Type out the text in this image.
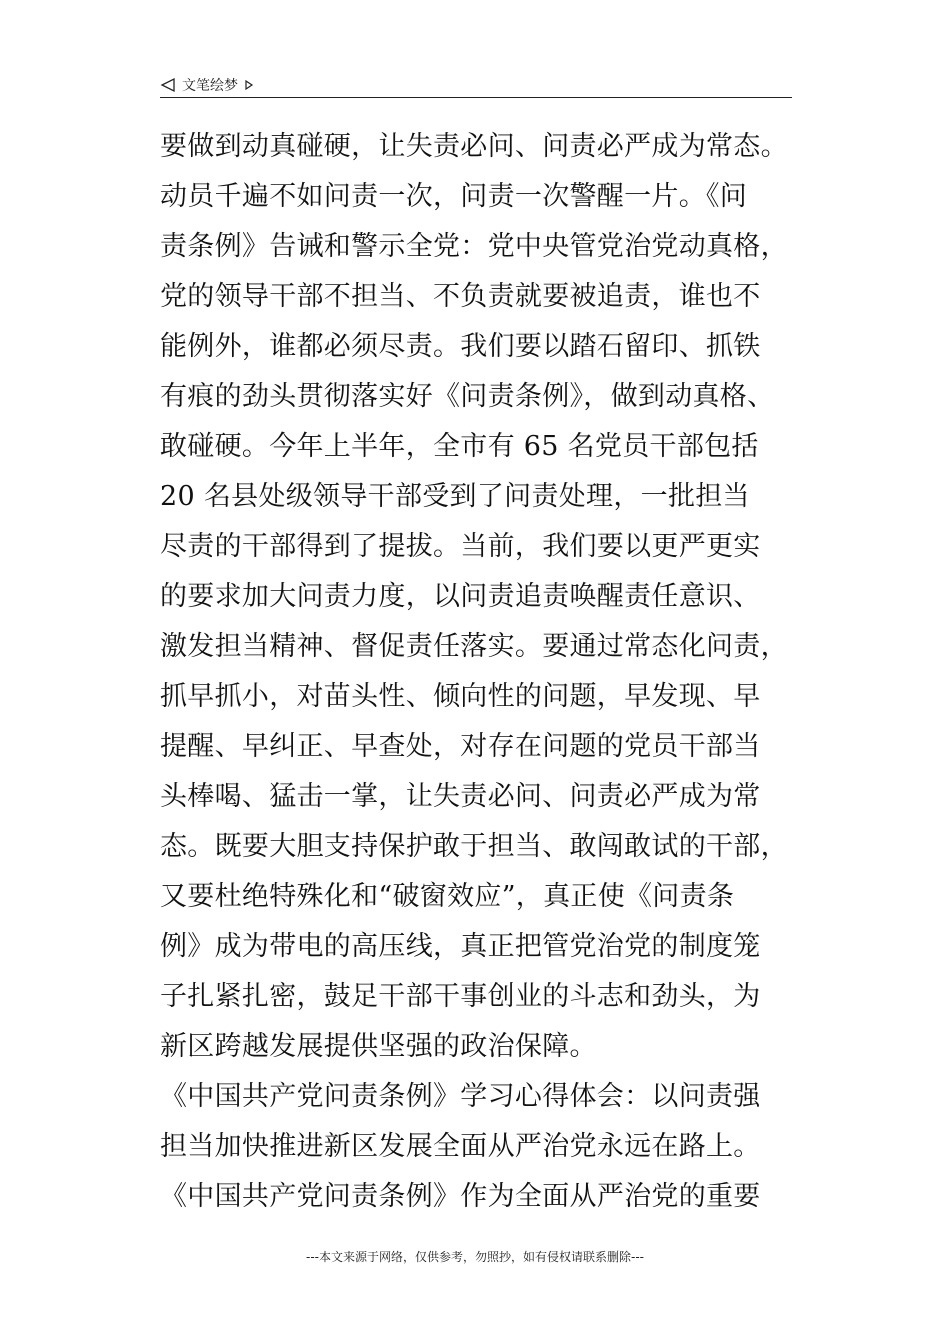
文笔绘梦
要做到动真碰硬，让失责必问、问责必严成为常态。
动员千遍不如问责一次，问责一次警醒一片。《问
责条例》告诫和警示全党：党中央管党治党动真格，
党的领导干部不担当、不负责就要被追责，谁也不
能例外，谁都必须尽责。我们要以踏石留印、抓铁
有痕的劲头贯彻落实好《问责条例》，做到动真格、
敢碰硬。今年上半年，全市有 65 名党员干部包括
20 名县处级领导干部受到了问责处理，一批担当
尽责的干部得到了提拔。当前，我们要以更严更实
的要求加大问责力度，以问责追责唤醒责任意识、
激发担当精神、督促责任落实。要通过常态化问责，
抓早抓小，对苗头性、倾向性的问题，早发现、早
提醒、早纠正、早查处，对存在问题的党员干部当
头棒喝、猛击一掌，让失责必问、问责必严成为常
态。既要大胆支持保护敢于担当、敢闯敢试的干部，
又要杜绝特殊化和“破窗效应”，真正使《问责条
例》成为带电的高压线，真正把管党治党的制度笼
子扎紧扎密，鼓足干部干事创业的斗志和劲头，为
新区跨越发展提供坚强的政治保障。
《中国共产党问责条例》学习心得体会：以问责强
担当加快推进新区发展全面从严治党永远在路上。
《中国共产党问责条例》作为全面从严治党的重要
---本文来源于网络，仅供参考，勿照抄，如有侵权请联系删除---
